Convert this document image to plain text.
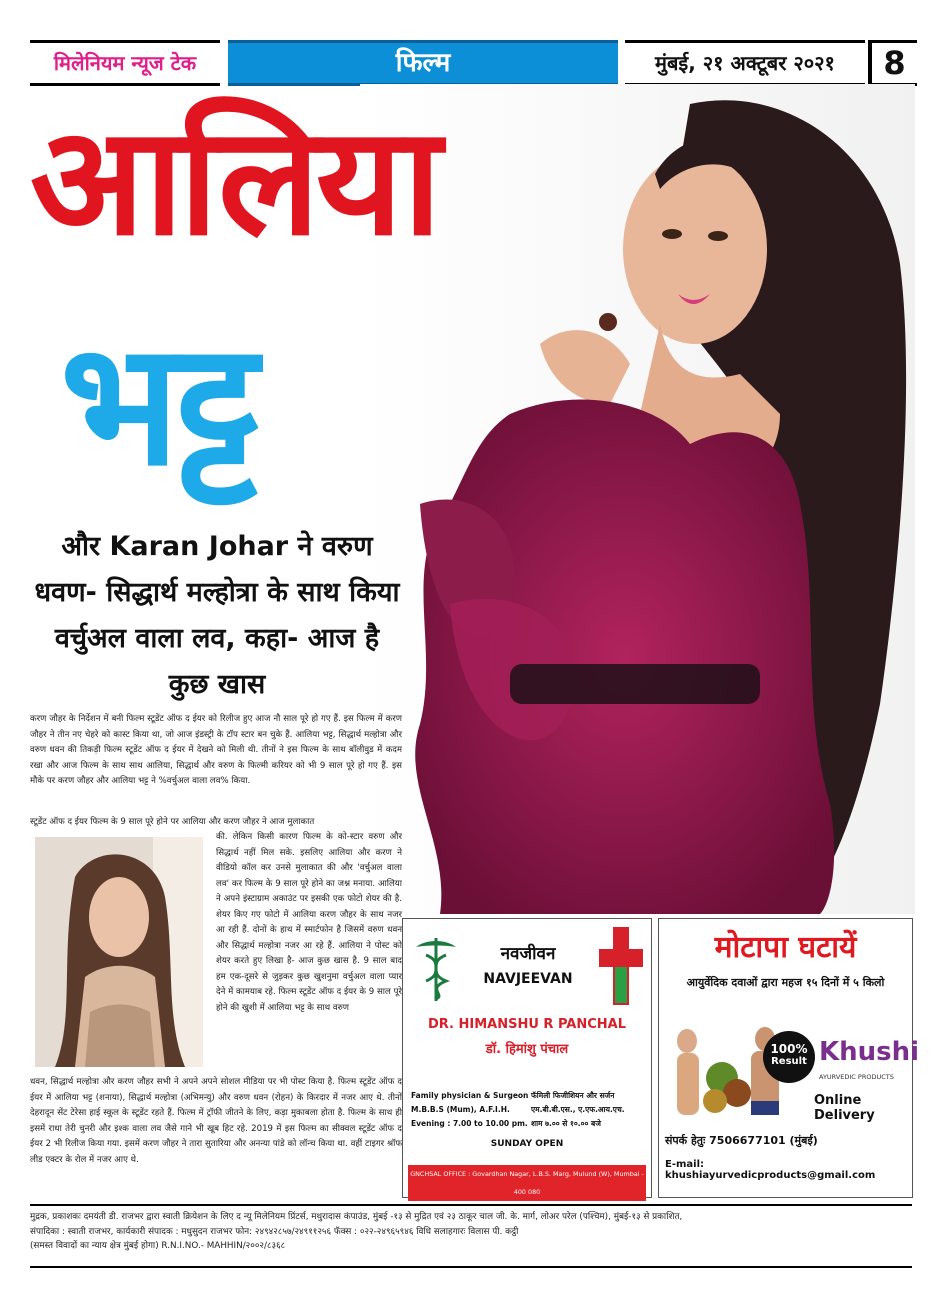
मिलेनियम न्यूज टेक	फिल्म	मुंबई, २१ अक्टूबर २०२१	8
आलिया
भट्ट
और Karan Johar ने वरुण धवण- सिद्धार्थ मल्होत्रा के साथ किया वर्चुअल वाला लव, कहा- आज है कुछ खास
करण जौहर के निर्देशन में बनी फिल्म स्टूडेंट ऑफ द ईयर को रिलीज हुए आज नौ साल पूरे हो गए हैं. इस फिल्म में करण जौहर ने तीन नए चेहरे को कास्ट किया था, जो आज इंडस्ट्री के टॉप स्टार बन चुके हैं. आलिया भट्ट, सिद्धार्थ मल्होत्रा और वरुण धवन की तिकड़ी फिल्म स्टूडेंट ऑफ द ईयर में देखने को मिली थी. तीनों ने इस फिल्म के साथ बॉलीवुड में कदम रखा और आज फिल्म के साथ साथ आलिया, सिद्धार्थ और वरुण के फिल्मी करियर को भी 9 साल पूरे हो गए हैं. इस मौके पर करण जौहर और आलिया भट्ट ने %वर्चुअल वाला लव% किया.
स्टूडेंट ऑफ द ईयर फिल्म के 9 साल पूरे होने पर आलिया और करण जौहर ने आज मुलाकात
की. लेकिन किसी कारण फिल्म के को-स्टार वरुण और सिद्धार्थ नहीं मिल सके. इसलिए आलिया और करण ने वीडियो कॉल कर उनसे मुलाकात की और 'वर्चुअल वाला लव' कर फिल्म के 9 साल पूरे होने का जश्न मनाया. आलिया ने अपने इंस्टाग्राम अकाउंट पर इसकी एक फोटो शेयर की है. शेयर किए गए फोटो में आलिया करण जौहर के साथ नजर आ रही हैं. दोनों के हाथ में स्मार्टफोन है जिसमें वरुण धवन और सिद्धार्थ मल्होत्रा नजर आ रहे हैं. आलिया ने पोस्ट को शेयर करते हुए लिखा है- आज कुछ खास है. 9 साल बाद हम एक-दूसरे से जुड़कर कुछ खुशनुमा वर्चुअल वाला प्यार देने में कामयाब रहे. फिल्म स्टूडेंट ऑफ द ईयर के 9 साल पूरे होने की खुशी में आलिया भट्ट के साथ वरुण
धवन, सिद्धार्थ मल्होत्रा और करण जौहर सभी ने अपने अपने सोशल मीडिया पर भी पोस्ट किया है. फिल्म स्टूडेंट ऑफ द ईयर में आलिया भट्ट (शनाया), सिद्धार्थ मल्होत्रा (अभिमन्यु) और वरुण धवन (रोहन) के किरदार में नजर आए थे. तीनों देहरादून सेंट टेरेसा हाई स्कूल के स्टूडेंट रहते हैं. फिल्म में ट्रॉफी जीतने के लिए, कड़ा मुकाबला होता है. फिल्म के साथ ही इसमें राधा तेरी चुनरी और इश्क वाला लव जैसे गाने भी खूब हिट रहे. 2019 में इस फिल्म का सीक्वल स्टूडेंट ऑफ द ईयर 2 भी रिलीज किया गया. इसमें करण जौहर ने तारा सुतारिया और अनन्या पांडे को लॉन्च किया था. वहीं टाइगर श्रॉफ लीड एक्टर के रोल में नजर आए थे.
नवजीवन
NAVJEEVAN
DR. HIMANSHU R PANCHAL
डॉ. हिमांशु पंचाल
Family physician & Surgeon
M.B.B.S (Mum), A.F.I.H.
Evening : 7.00 to 10.00 pm.
फॅमिली फिजीशियन और सर्जन
एम.बी.बी.एस., ए.एफ.आय.एच.
शाम ७.०० से १०.०० बजे
SUNDAY OPEN
GNCHSAL OFFICE : Govardhan Nagar, L.B.S. Marg, Mulund (W), Mumbai - 400 080
मोटापा घटायें
आयुर्वेदिक दवाओं द्वारा महज १५ दिनों में ५ किलो
100%
Result Khushi
AYURVEDIC PRODUCTS
Online Delivery
संपर्क हेतुः 7506677101 (मुंबई)
E-mail: khushiayurvedicproducts@gmail.com
मुद्रक, प्रकाशकः दमयंती डी. राजभर द्वारा स्वाती क्रियेशन के लिए द न्यू मिलेनियम प्रिंटर्स, मथुरादास कंपाउंड, मुंबई -१३ से मुद्रित एवं २३ ठाकूर चाल जी. के. मार्ग, लोअर परेल (पश्चिम), मुंबई-१३ से प्रकाशित,
संपादिका : स्वाती राजभर, कार्यकारी संपादक : मधुसुदन राजभर फोन: २४९४२८५७/२४९११२५६ फॅक्स : ०२२-२४९६५९४६ विधि सलाहगारः विलास पी. कट्ठी
(समस्त विवादों का न्याय क्षेत्र मुंबई होगा) R.N.I.NO.- MAHHIN/२००२/८३६८
